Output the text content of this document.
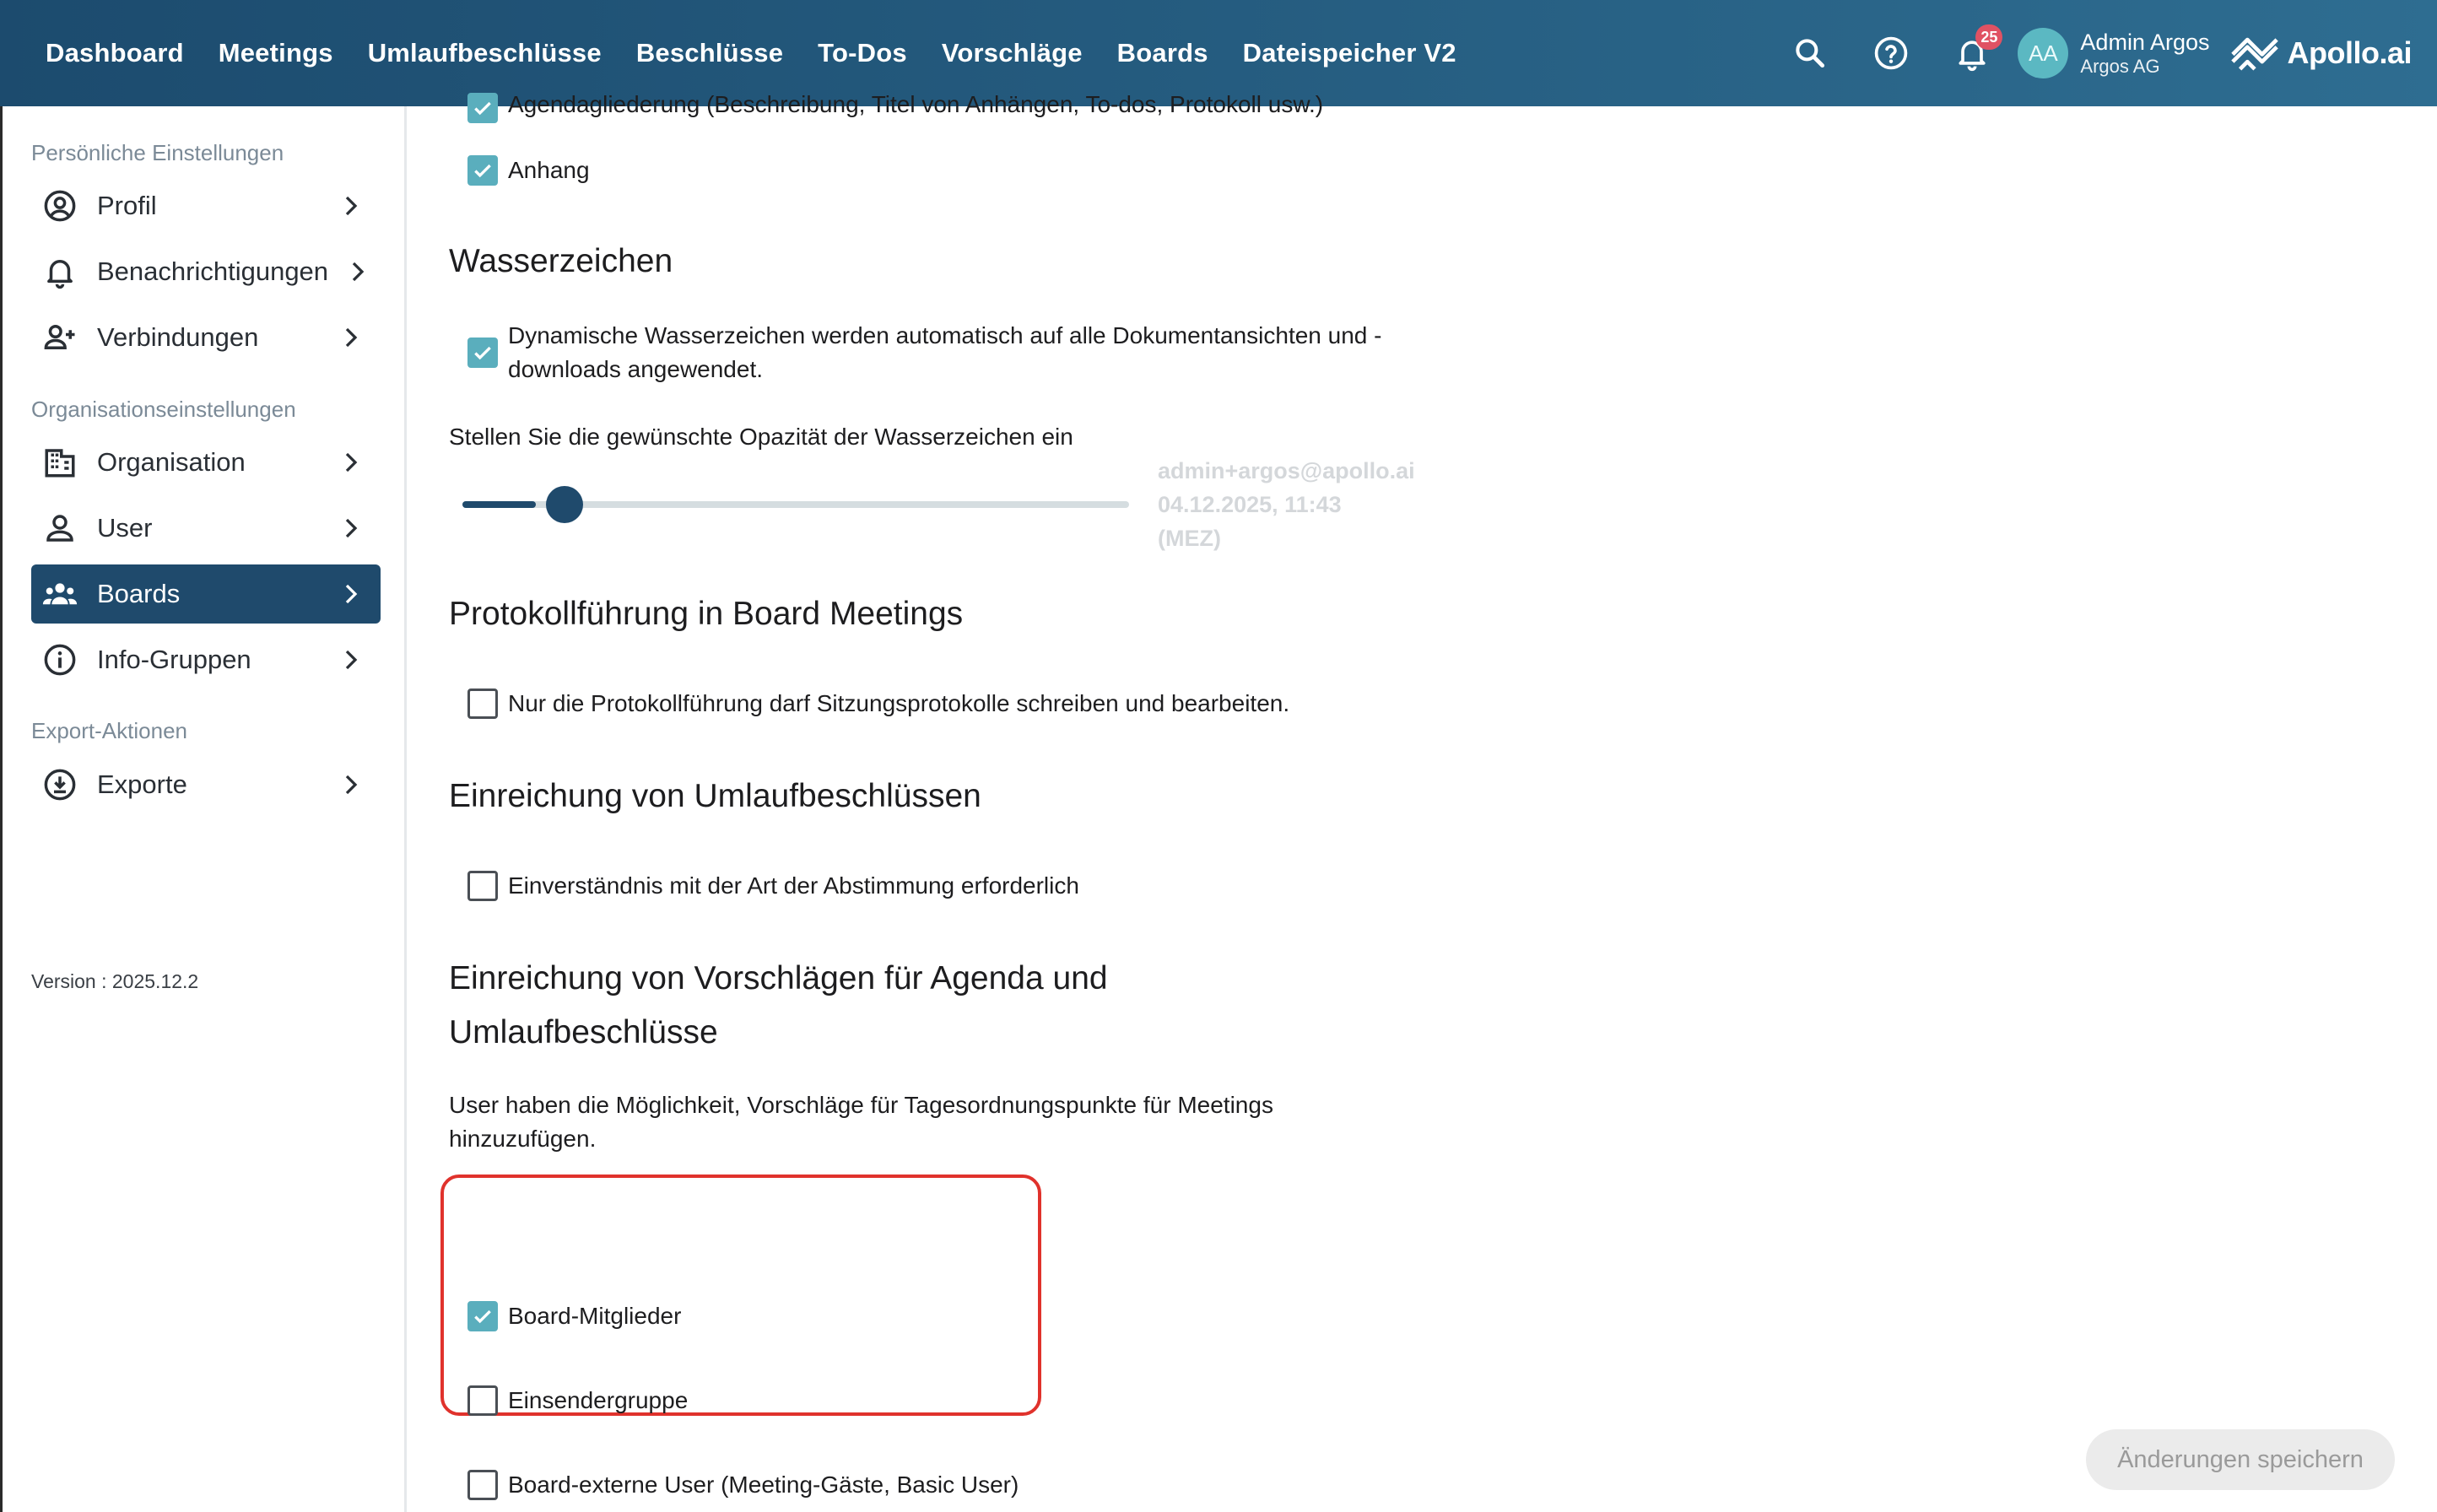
Dashboard Meetings Umlaufbeschlüsse Beschlüsse To-Dos Vorschläge Boards Dateispeicher V2
25
AA Admin Argos
Argos AG	Apollo.ai
Persönliche Einstellungen
Profil
Benachrichtigungen
Verbindungen
Organisationseinstellungen
Organisation
User
Boards
Info-Gruppen
Export-Aktionen
Exporte
Version : 2025.12.2
Agendagliederung (Beschreibung, Titel von Anhängen, To-dos, Protokoll usw.)
Anhang
Wasserzeichen
Dynamische Wasserzeichen werden automatisch auf alle Dokumentansichten und -
downloads angewendet.
Stellen Sie die gewünschte Opazität der Wasserzeichen ein
admin+argos@apollo.ai
04.12.2025, 11:43
(MEZ)
Protokollführung in Board Meetings
Nur die Protokollführung darf Sitzungsprotokolle schreiben und bearbeiten.
Einreichung von Umlaufbeschlüssen
Einverständnis mit der Art der Abstimmung erforderlich
Einreichung von Vorschlägen für Agenda und
Umlaufbeschlüsse
User haben die Möglichkeit, Vorschläge für Tagesordnungspunkte für Meetings
hinzuzufügen.
Board-Mitglieder
Einsendergruppe
Board-externe User (Meeting-Gäste, Basic User)
Änderungen speichern
